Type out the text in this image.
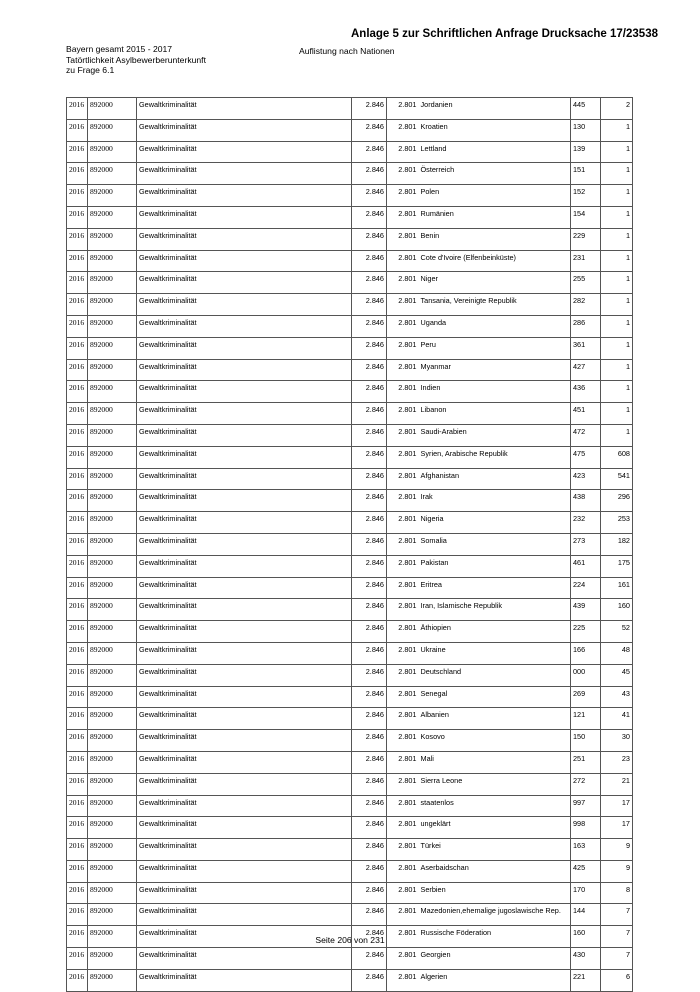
Anlage 5 zur Schriftlichen Anfrage Drucksache 17/23538
Bayern gesamt 2015 - 2017
Tatörtlichkeit Asylbewerberunterkunft
zu Frage 6.1
Auflistung nach Nationen
2016	892000	Gewaltkriminalität	2.846	2.801	Jordanien	445	2
2016	892000	Gewaltkriminalität	2.846	2.801	Kroatien	130	1
2016	892000	Gewaltkriminalität	2.846	2.801	Lettland	139	1
2016	892000	Gewaltkriminalität	2.846	2.801	Österreich	151	1
2016	892000	Gewaltkriminalität	2.846	2.801	Polen	152	1
2016	892000	Gewaltkriminalität	2.846	2.801	Rumänien	154	1
2016	892000	Gewaltkriminalität	2.846	2.801	Benin	229	1
2016	892000	Gewaltkriminalität	2.846	2.801	Cote d'Ivoire (Elfenbeinküste)	231	1
2016	892000	Gewaltkriminalität	2.846	2.801	Niger	255	1
2016	892000	Gewaltkriminalität	2.846	2.801	Tansania, Vereinigte Republik	282	1
2016	892000	Gewaltkriminalität	2.846	2.801	Uganda	286	1
2016	892000	Gewaltkriminalität	2.846	2.801	Peru	361	1
2016	892000	Gewaltkriminalität	2.846	2.801	Myanmar	427	1
2016	892000	Gewaltkriminalität	2.846	2.801	Indien	436	1
2016	892000	Gewaltkriminalität	2.846	2.801	Libanon	451	1
2016	892000	Gewaltkriminalität	2.846	2.801	Saudi-Arabien	472	1
2016	892000	Gewaltkriminalität	2.846	2.801	Syrien, Arabische Republik	475	608
2016	892000	Gewaltkriminalität	2.846	2.801	Afghanistan	423	541
2016	892000	Gewaltkriminalität	2.846	2.801	Irak	438	296
2016	892000	Gewaltkriminalität	2.846	2.801	Nigeria	232	253
2016	892000	Gewaltkriminalität	2.846	2.801	Somalia	273	182
2016	892000	Gewaltkriminalität	2.846	2.801	Pakistan	461	175
2016	892000	Gewaltkriminalität	2.846	2.801	Eritrea	224	161
2016	892000	Gewaltkriminalität	2.846	2.801	Iran, Islamische Republik	439	160
2016	892000	Gewaltkriminalität	2.846	2.801	Äthiopien	225	52
2016	892000	Gewaltkriminalität	2.846	2.801	Ukraine	166	48
2016	892000	Gewaltkriminalität	2.846	2.801	Deutschland	000	45
2016	892000	Gewaltkriminalität	2.846	2.801	Senegal	269	43
2016	892000	Gewaltkriminalität	2.846	2.801	Albanien	121	41
2016	892000	Gewaltkriminalität	2.846	2.801	Kosovo	150	30
2016	892000	Gewaltkriminalität	2.846	2.801	Mali	251	23
2016	892000	Gewaltkriminalität	2.846	2.801	Sierra Leone	272	21
2016	892000	Gewaltkriminalität	2.846	2.801	staatenlos	997	17
2016	892000	Gewaltkriminalität	2.846	2.801	ungeklärt	998	17
2016	892000	Gewaltkriminalität	2.846	2.801	Türkei	163	9
2016	892000	Gewaltkriminalität	2.846	2.801	Aserbaidschan	425	9
2016	892000	Gewaltkriminalität	2.846	2.801	Serbien	170	8
2016	892000	Gewaltkriminalität	2.846	2.801	Mazedonien,ehemalige jugoslawische Rep.	144	7
2016	892000	Gewaltkriminalität	2.846	2.801	Russische Föderation	160	7
2016	892000	Gewaltkriminalität	2.846	2.801	Georgien	430	7
2016	892000	Gewaltkriminalität	2.846	2.801	Algerien	221	6
Seite 206 von 231
